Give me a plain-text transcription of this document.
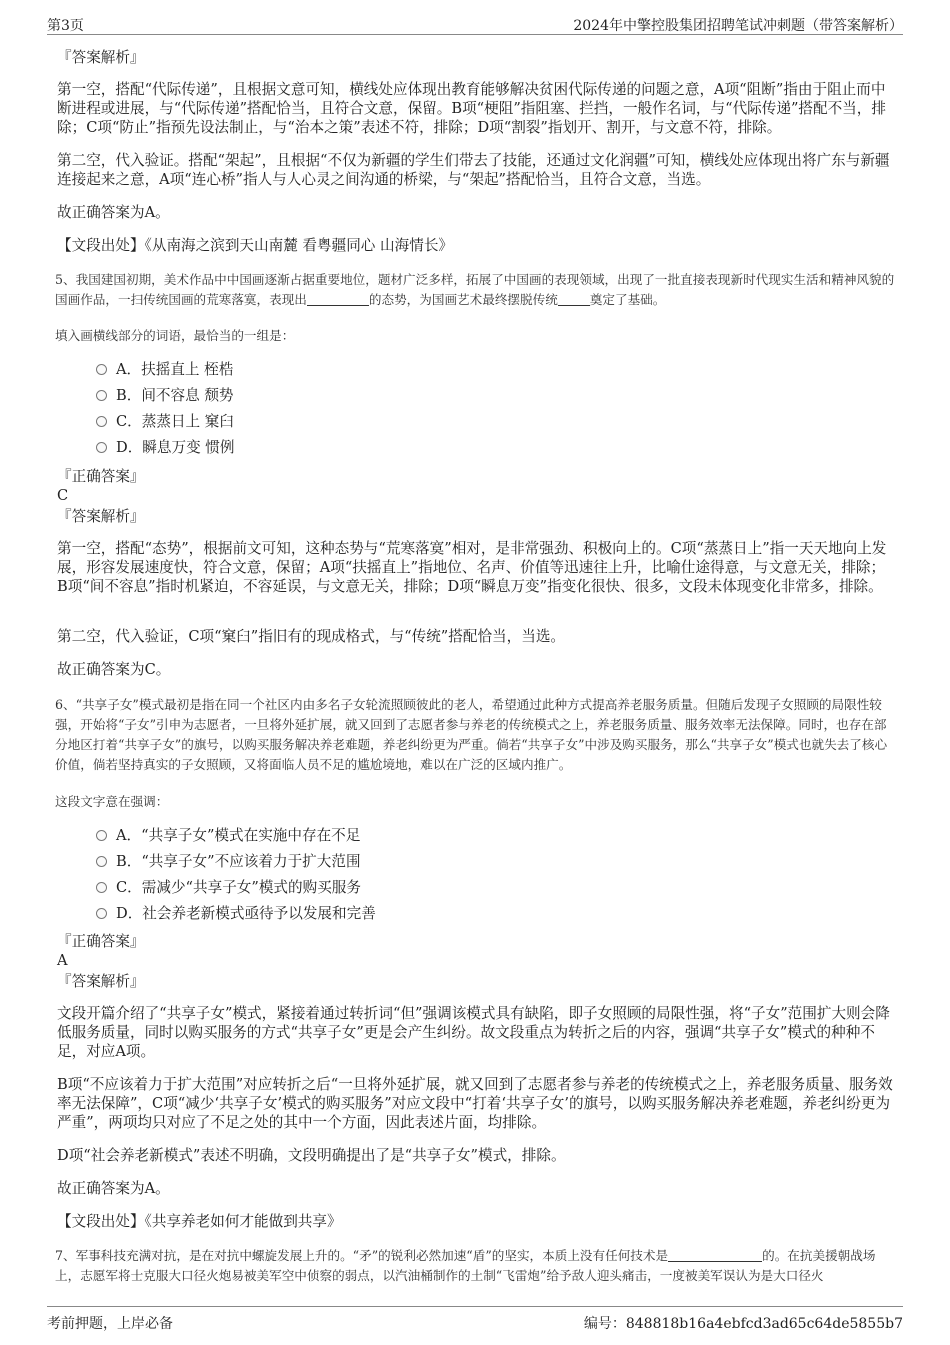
第3页	2024年中擎控股集团招聘笔试冲刺题（带答案解析）
『答案解析』
第一空，搭配“代际传递”，且根据文意可知，横线处应体现出教育能够解决贫困代际传递的问题之意，A项“阻断”指由于阻止而中断进程或进展，与“代际传递”搭配恰当，且符合文意，保留。B项“梗阻”指阻塞、拦挡，一般作名词，与“代际传递”搭配不当，排除；C项“防止”指预先设法制止，与“治本之策”表述不符，排除；D项“割裂”指划开、割开，与文意不符，排除。
第二空，代入验证。搭配“架起”，且根据“不仅为新疆的学生们带去了技能，还通过文化润疆”可知，横线处应体现出将广东与新疆连接起来之意，A项“连心桥”指人与人心灵之间沟通的桥梁，与“架起”搭配恰当，且符合文意，当选。
故正确答案为A。
【文段出处】《从南海之滨到天山南麓 看粤疆同心 山海情长》
5、我国建国初期，美术作品中中国画逐渐占据重要地位，题材广泛多样，拓展了中国画的表现领域，出现了一批直接表现新时代现实生活和精神风貌的国画作品，一扫传统国画的荒寒落寞，表现出	的态势，为国画艺术最终摆脱传统	奠定了基础。
填入画横线部分的词语，最恰当的一组是：
A．扶摇直上 桎梏
B．间不容息 颓势
C．蒸蒸日上 窠臼
D．瞬息万变 惯例
『正确答案』
C
『答案解析』
第一空，搭配“态势”，根据前文可知，这种态势与“荒寒落寞”相对，是非常强劲、积极向上的。C项“蒸蒸日上”指一天天地向上发展，形容发展速度快，符合文意，保留；A项“扶摇直上”指地位、名声、价值等迅速往上升，比喻仕途得意，与文意无关，排除；B项“间不容息”指时机紧迫，不容延误，与文意无关，排除；D项“瞬息万变”指变化很快、很多，文段未体现变化非常多，排除。
第二空，代入验证，C项“窠臼”指旧有的现成格式，与“传统”搭配恰当，当选。
故正确答案为C。
6、“共享子女”模式最初是指在同一个社区内由多名子女轮流照顾彼此的老人，希望通过此种方式提高养老服务质量。但随后发现子女照顾的局限性较强，开始将“子女”引申为志愿者，一旦将外延扩展，就又回到了志愿者参与养老的传统模式之上，养老服务质量、服务效率无法保障。同时，也存在部分地区打着“共享子女”的旗号，以购买服务解决养老难题，养老纠纷更为严重。倘若“共享子女”中涉及购买服务，那么“共享子女”模式也就失去了核心价值，倘若坚持真实的子女照顾，又将面临人员不足的尴尬境地，难以在广泛的区域内推广。
这段文字意在强调：
A．“共享子女”模式在实施中存在不足
B．“共享子女”不应该着力于扩大范围
C．需减少“共享子女”模式的购买服务
D．社会养老新模式亟待予以发展和完善
『正确答案』
A
『答案解析』
文段开篇介绍了“共享子女”模式，紧接着通过转折词“但”强调该模式具有缺陷，即子女照顾的局限性强，将“子女”范围扩大则会降低服务质量，同时以购买服务的方式“共享子女”更是会产生纠纷。故文段重点为转折之后的内容，强调“共享子女”模式的种种不足，对应A项。
B项“不应该着力于扩大范围”对应转折之后“一旦将外延扩展，就又回到了志愿者参与养老的传统模式之上，养老服务质量、服务效率无法保障”，C项“减少‘共享子女’模式的购买服务”对应文段中“打着‘共享子女’的旗号，以购买服务解决养老难题，养老纠纷更为严重”，两项均只对应了不足之处的其中一个方面，因此表述片面，均排除。
D项“社会养老新模式”表述不明确，文段明确提出了是“共享子女”模式，排除。
故正确答案为A。
【文段出处】《共享养老如何才能做到共享》
7、军事科技充满对抗，是在对抗中螺旋发展上升的。“矛”的锐利必然加速“盾”的坚实，本质上没有任何技术是	的。在抗美援朝战场上，志愿军将士克服大口径火炮易被美军空中侦察的弱点，以汽油桶制作的土制“飞雷炮”给予敌人迎头痛击，一度被美军误认为是大口径火
考前押题，上岸必备	编号：848818b16a4ebfcd3ad65c64de5855b7
